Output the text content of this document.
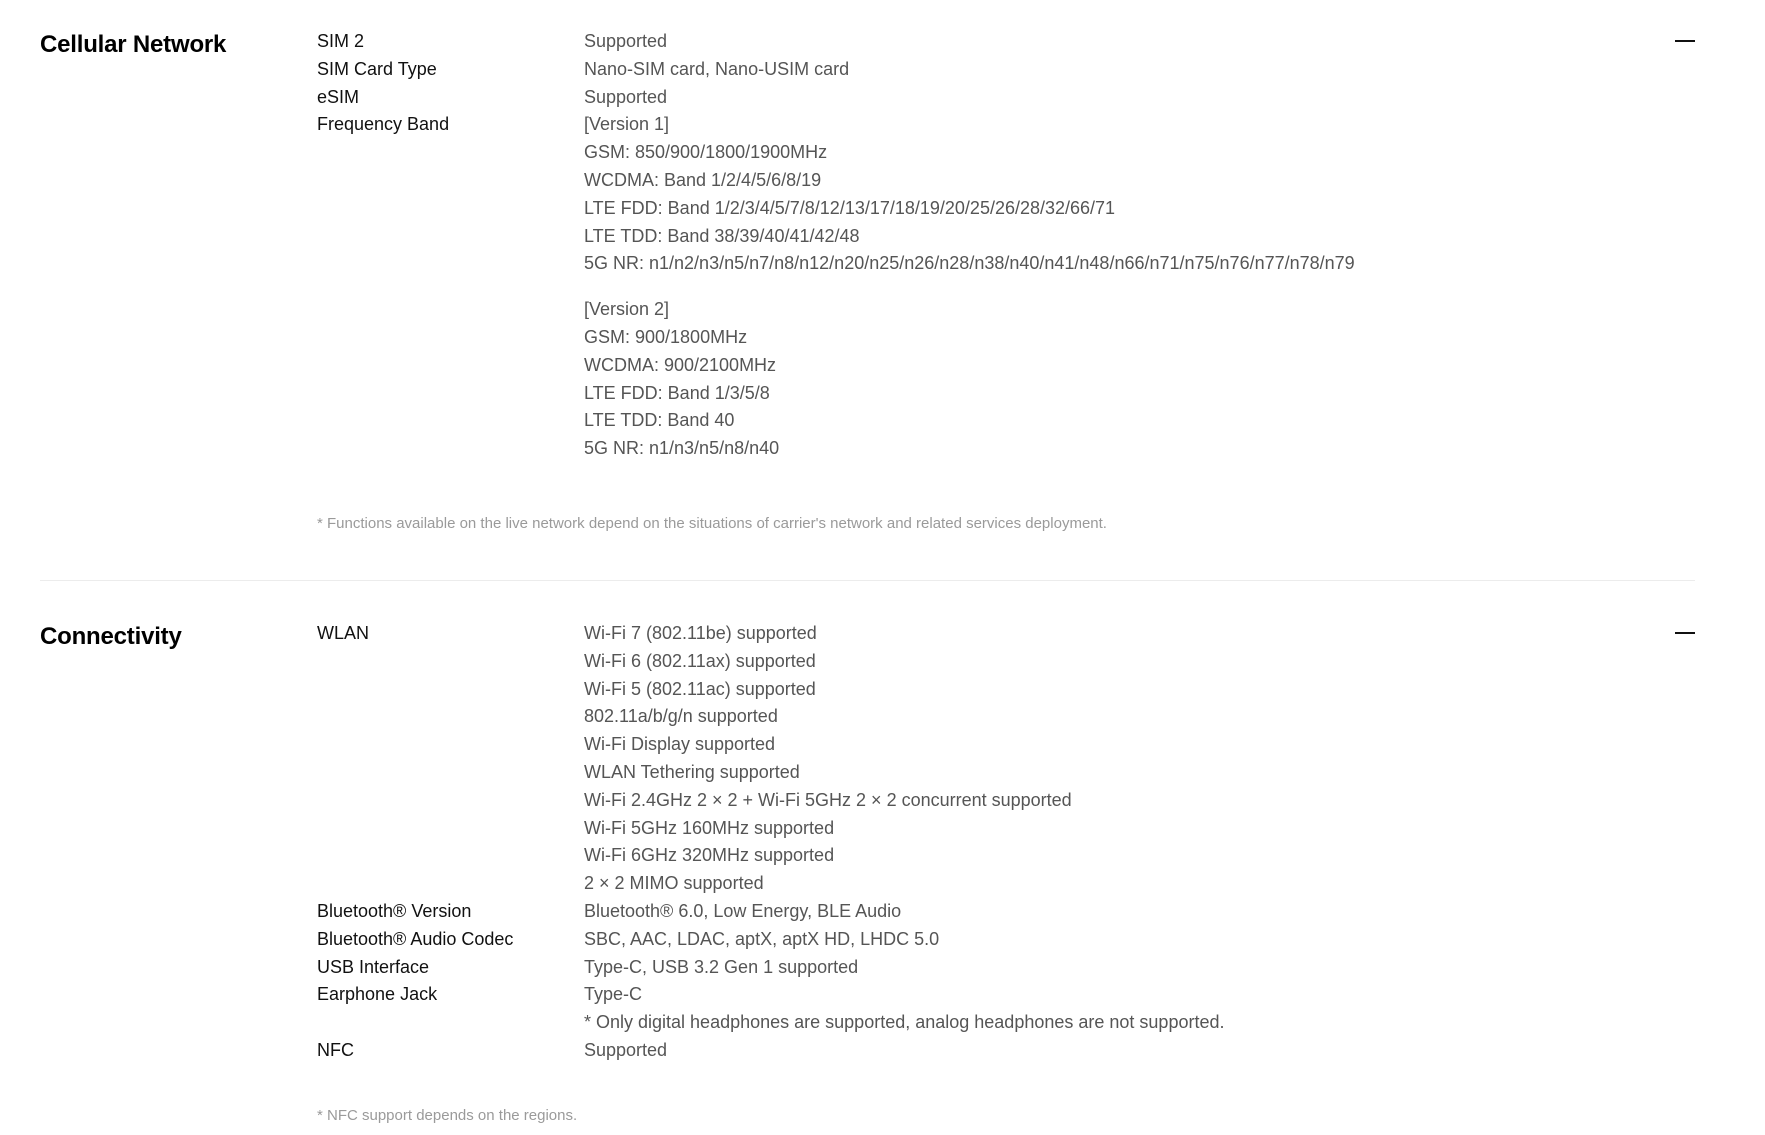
Cellular Network	SIM 2	Supported
SIM Card Type	Nano-SIM card, Nano-USIM card
eSIM	Supported
Frequency Band	[Version 1]
GSM: 850/900/1800/1900MHz
WCDMA: Band 1/2/4/5/6/8/19
LTE FDD: Band 1/2/3/4/5/7/8/12/13/17/18/19/20/25/26/28/32/66/71
LTE TDD: Band 38/39/40/41/42/48
5G NR: n1/n2/n3/n5/n7/n8/n12/n20/n25/n26/n28/n38/n40/n41/n48/n66/n71/n75/n76/n77/n78/n79
[Version 2]
GSM: 900/1800MHz
WCDMA: 900/2100MHz
LTE FDD: Band 1/3/5/8
LTE TDD: Band 40
5G NR: n1/n3/n5/n8/n40
* Functions available on the live network depend on the situations of carrier's network and related services deployment.
Connectivity	WLAN	Wi-Fi 7 (802.11be) supported
Wi-Fi 6 (802.11ax) supported
Wi-Fi 5 (802.11ac) supported
802.11a/b/g/n supported
Wi-Fi Display supported
WLAN Tethering supported
Wi-Fi 2.4GHz 2 × 2 + Wi-Fi 5GHz 2 × 2 concurrent supported
Wi-Fi 5GHz 160MHz supported
Wi-Fi 6GHz 320MHz supported
2 × 2 MIMO supported
Bluetooth® Version	Bluetooth® 6.0, Low Energy, BLE Audio
Bluetooth® Audio Codec	SBC, AAC, LDAC, aptX, aptX HD, LHDC 5.0
USB Interface	Type-C, USB 3.2 Gen 1 supported
Earphone Jack	Type-C
* Only digital headphones are supported, analog headphones are not supported.
NFC	Supported
* NFC support depends on the regions.
